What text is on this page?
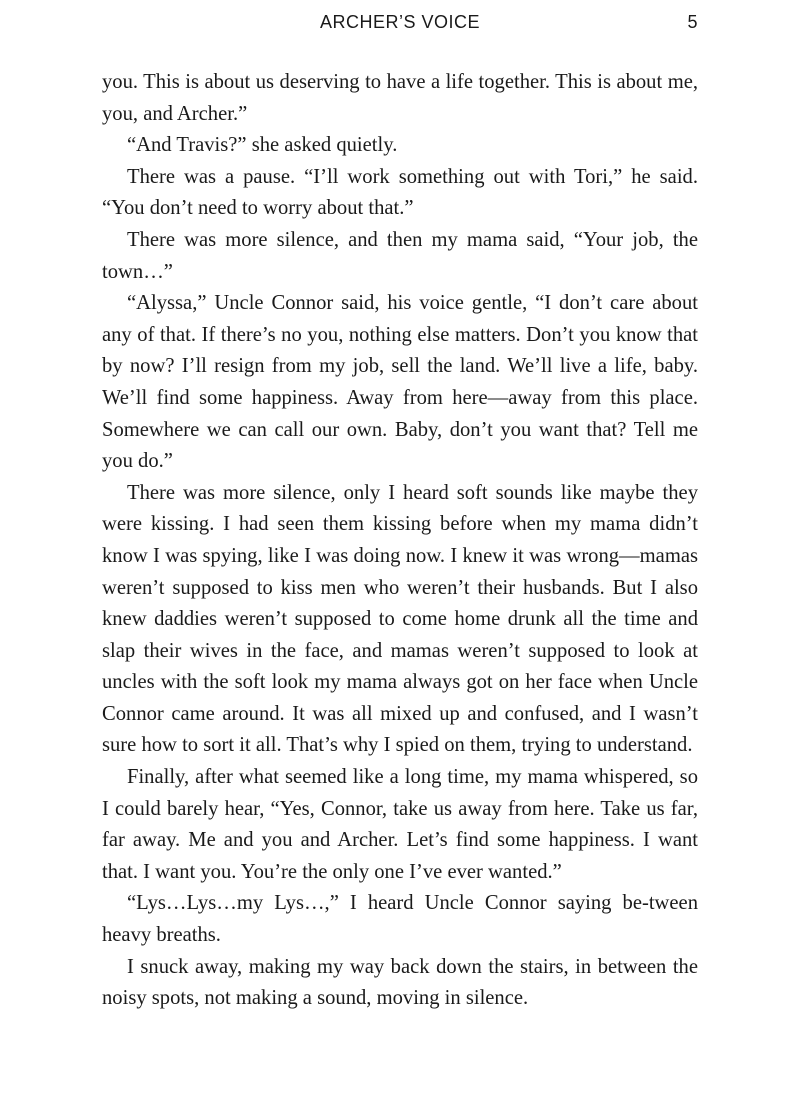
ARCHER’S VOICE	5

you. This is about us deserving to have a life together. This is about me, you, and Archer.”

“And Travis?” she asked quietly.

There was a pause. “I’ll work something out with Tori,” he said. “You don’t need to worry about that.”

There was more silence, and then my mama said, “Your job, the town…”

“Alyssa,” Uncle Connor said, his voice gentle, “I don’t care about any of that. If there’s no you, nothing else matters. Don’t you know that by now? I’ll resign from my job, sell the land. We’ll live a life, baby. We’ll find some happiness. Away from here—away from this place. Somewhere we can call our own. Baby, don’t you want that? Tell me you do.”

There was more silence, only I heard soft sounds like maybe they were kissing. I had seen them kissing before when my mama didn’t know I was spying, like I was doing now. I knew it was wrong—mamas weren’t supposed to kiss men who weren’t their husbands. But I also knew daddies weren’t supposed to come home drunk all the time and slap their wives in the face, and mamas weren’t supposed to look at uncles with the soft look my mama always got on her face when Uncle Connor came around. It was all mixed up and confused, and I wasn’t sure how to sort it all. That’s why I spied on them, trying to understand.

Finally, after what seemed like a long time, my mama whispered, so I could barely hear, “Yes, Connor, take us away from here. Take us far, far away. Me and you and Archer. Let’s find some happiness. I want that. I want you. You’re the only one I’ve ever wanted.”

“Lys…Lys…my Lys…,” I heard Uncle Connor saying be-tween heavy breaths.

I snuck away, making my way back down the stairs, in between the noisy spots, not making a sound, moving in silence.
